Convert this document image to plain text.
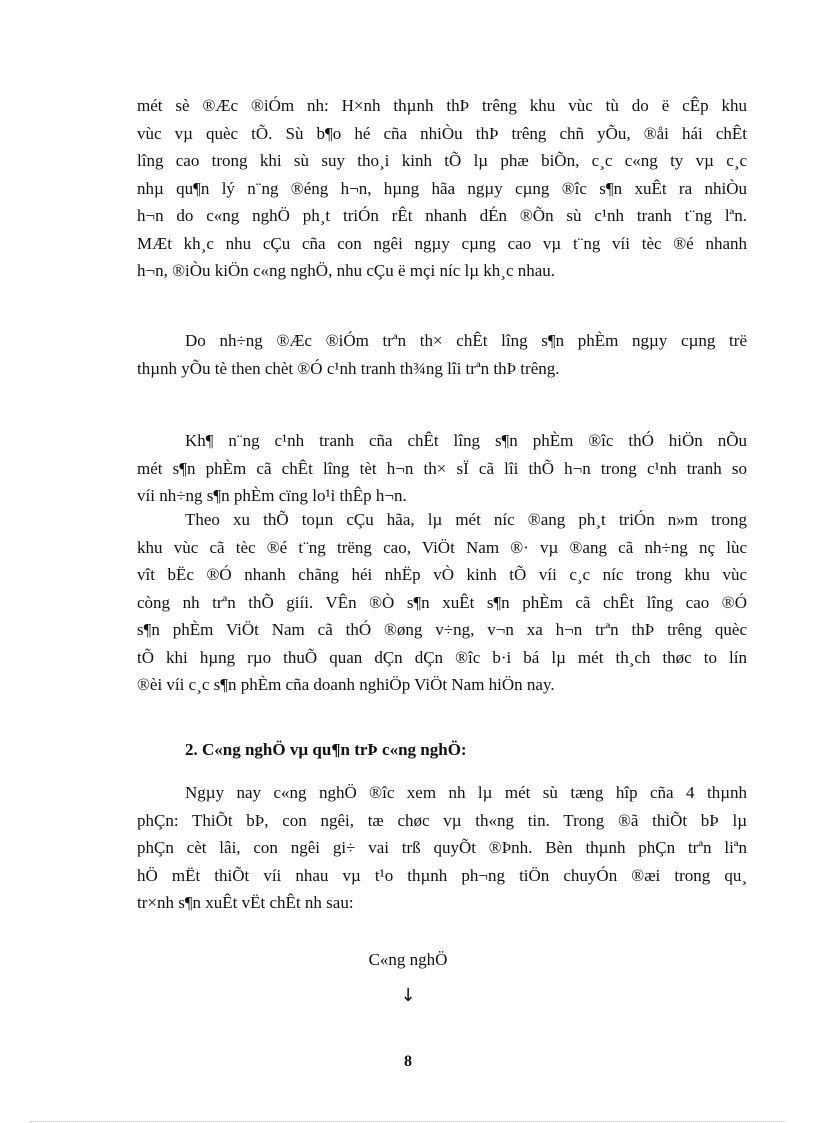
mét sè ®Æc ®iÓm nh: H×nh thµnh thÞ trêng khu vùc tù do ë cÊp khu
vùc vµ quèc tÕ. Sù b¶o hé cña nhiÒu thÞ trêng chñ yÕu, ®åi hái chÊt
lîng cao trong khi sù suy tho¸i kinh tÕ lµ phæ biÕn, c¸c c«ng ty vµ c¸c
nhµ qu¶n lý n¨ng ®éng h¬n, hµng hãa ngµy cµng ®îc s¶n xuÊt ra nhiÒu
h¬n do c«ng nghÖ ph¸t triÓn rÊt nhanh dÉn ®Õn sù c¹nh tranh t¨ng lªn.
MÆt kh¸c nhu cÇu cña con ngêi ngµy cµng cao vµ t¨ng víi tèc ®é nhanh
h¬n, ®iÒu kiÖn c«ng nghÖ, nhu cÇu ë mçi níc lµ kh¸c nhau.
Do nh÷ng ®Æc ®iÓm trªn th× chÊt lîng s¶n phÈm ngµy cµng trë
thµnh yÕu tè then chèt ®Ó c¹nh tranh th¾ng lîi trªn thÞ trêng.
Kh¶ n¨ng c¹nh tranh cña chÊt lîng s¶n phÈm ®îc thÓ hiÖn nÕu
mét s¶n phÈm cã chÊt lîng tèt h¬n th× sÏ cã lîi thÕ h¬n trong c¹nh tranh so
víi nh÷ng s¶n phÈm cïng lo¹i thÊp h¬n.
Theo xu thÕ toµn cÇu hãa, lµ mét níc ®ang ph¸t triÓn n»m trong
khu vùc cã tèc ®é t¨ng trëng cao, ViÖt Nam ®· vµ ®ang cã nh÷ng nç lùc
vît bËc ®Ó nhanh chãng héi nhËp vÒ kinh tÕ víi c¸c níc trong khu vùc
còng nh trªn thÕ giíi. VÊn ®Ò s¶n xuÊt s¶n phÈm cã chÊt lîng cao ®Ó
s¶n phÈm ViÖt Nam cã thÓ ®øng v÷ng, v¬n xa h¬n trªn thÞ trêng quèc
tÕ khi hµng rµo thuÕ quan dÇn dÇn ®îc b·i bá lµ mét th¸ch thøc to lín
®èi víi c¸c s¶n phÈm cña doanh nghiÖp ViÖt Nam hiÖn nay.

2. C«ng nghÖ vµ qu¶n trÞ c«ng nghÖ:

Ngµy nay c«ng nghÖ ®îc xem nh lµ mét sù tæng hîp cña 4 thµnh
phÇn: ThiÕt bÞ, con ngêi, tæ chøc vµ th«ng tin. Trong ®ã thiÕt bÞ lµ
phÇn cèt lâi, con ngêi gi÷ vai trß quyÕt ®Þnh. Bèn thµnh phÇn trªn liªn
hÖ mËt thiÕt víi nhau vµ t¹o thµnh ph¬ng tiÖn chuyÓn ®æi trong qu¸
tr×nh s¶n xuÊt vËt chÊt nh sau:

C«ng nghÖ

↓

8
